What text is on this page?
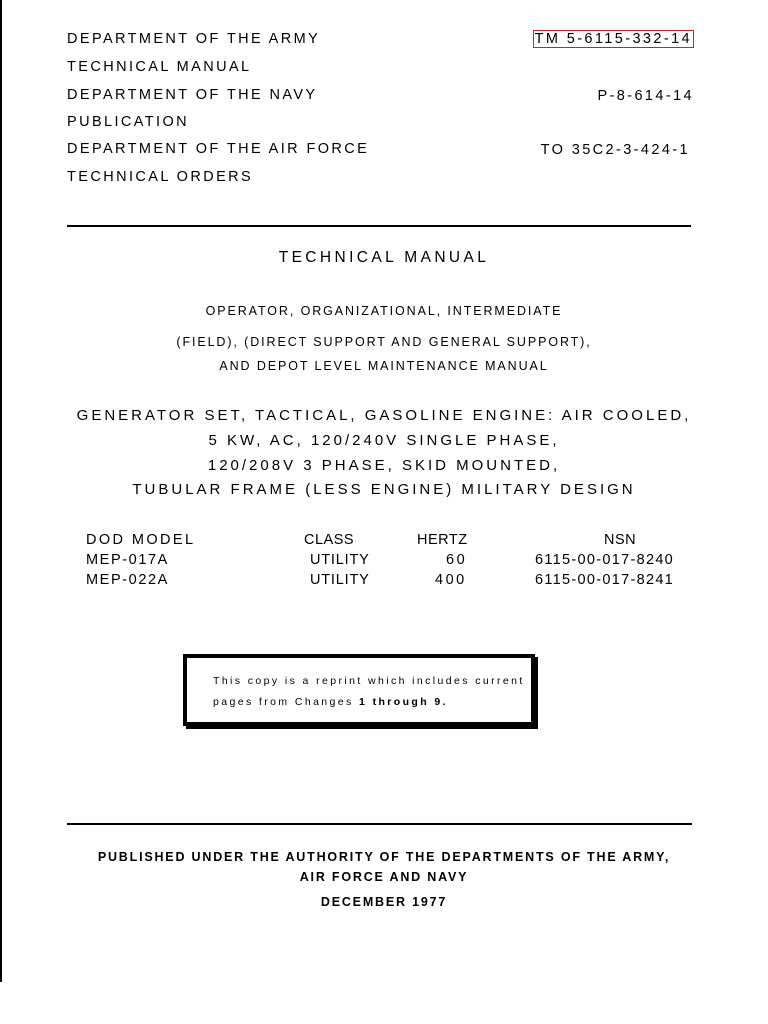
DEPARTMENT OF THE ARMY
TECHNICAL MANUAL
DEPARTMENT OF THE NAVY
PUBLICATION
DEPARTMENT OF THE AIR FORCE
TECHNICAL ORDERS
TM 5-6115-332-14
P-8-614-14
TO 35C2-3-424-1
TECHNICAL MANUAL
OPERATOR, ORGANIZATIONAL, INTERMEDIATE
(FIELD), (DIRECT SUPPORT AND GENERAL SUPPORT),
AND DEPOT LEVEL MAINTENANCE MANUAL
GENERATOR SET, TACTICAL, GASOLINE ENGINE: AIR COOLED,
5 KW, AC, 120/240V SINGLE PHASE,
120/208V 3 PHASE, SKID MOUNTED,
TUBULAR FRAME (LESS ENGINE) MILITARY DESIGN
DOD MODEL	CLASS	HERTZ	NSN
MEP-017A	UTILITY	60	6115-00-017-8240
MEP-022A	UTILITY	400	6115-00-017-8241
This copy is a reprint which includes current
pages from Changes 1 through 9.
PUBLISHED UNDER THE AUTHORITY OF THE DEPARTMENTS OF THE ARMY,
AIR FORCE AND NAVY
DECEMBER 1977
